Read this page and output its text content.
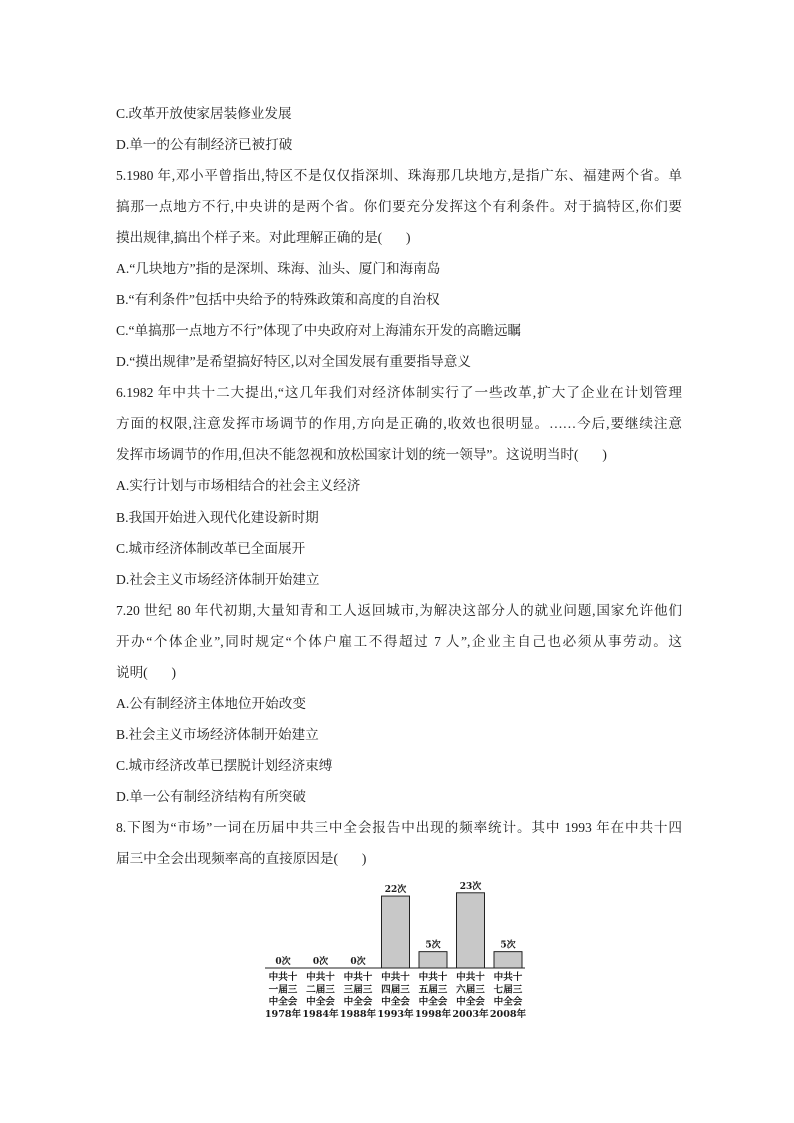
C.改革开放使家居装修业发展
D.单一的公有制经济已被打破
5.1980 年,邓小平曾指出,特区不是仅仅指深圳、珠海那几块地方,是指广东、福建两个省。单
搞那一点地方不行,中央讲的是两个省。你们要充分发挥这个有利条件。对于搞特区,你们要
摸出规律,搞出个样子来。对此理解正确的是(       )
A.“几块地方”指的是深圳、珠海、汕头、厦门和海南岛
B.“有利条件”包括中央给予的特殊政策和高度的自治权
C.“单搞那一点地方不行”体现了中央政府对上海浦东开发的高瞻远瞩
D.“摸出规律”是希望搞好特区,以对全国发展有重要指导意义
6.1982 年中共十二大提出,“这几年我们对经济体制实行了一些改革,扩大了企业在计划管理
方面的权限,注意发挥市场调节的作用,方向是正确的,收效也很明显。……今后,要继续注意
发挥市场调节的作用,但决不能忽视和放松国家计划的统一领导”。这说明当时(       )
A.实行计划与市场相结合的社会主义经济
B.我国开始进入现代化建设新时期
C.城市经济体制改革已全面展开
D.社会主义市场经济体制开始建立
7.20 世纪 80 年代初期,大量知青和工人返回城市,为解决这部分人的就业问题,国家允许他们
开办“个体企业”,同时规定“个体户雇工不得超过 7 人”,企业主自己也必须从事劳动。这
说明(       )
A.公有制经济主体地位开始改变
B.社会主义市场经济体制开始建立
C.城市经济改革已摆脱计划经济束缚
D.单一公有制经济结构有所突破
8.下图为“市场”一词在历届中共三中全会报告中出现的频率统计。其中 1993 年在中共十四
届三中全会出现频率高的直接原因是(       )
0次
中共十
一届三
中全会
1978年
0次
中共十
二届三
中全会
1984年
0次
中共十
三届三
中全会
1988年
22次
中共十
四届三
中全会
1993年
5次
中共十
五届三
中全会
1998年
23次
中共十
六届三
中全会
2003年
5次
中共十
七届三
中全会
2008年
